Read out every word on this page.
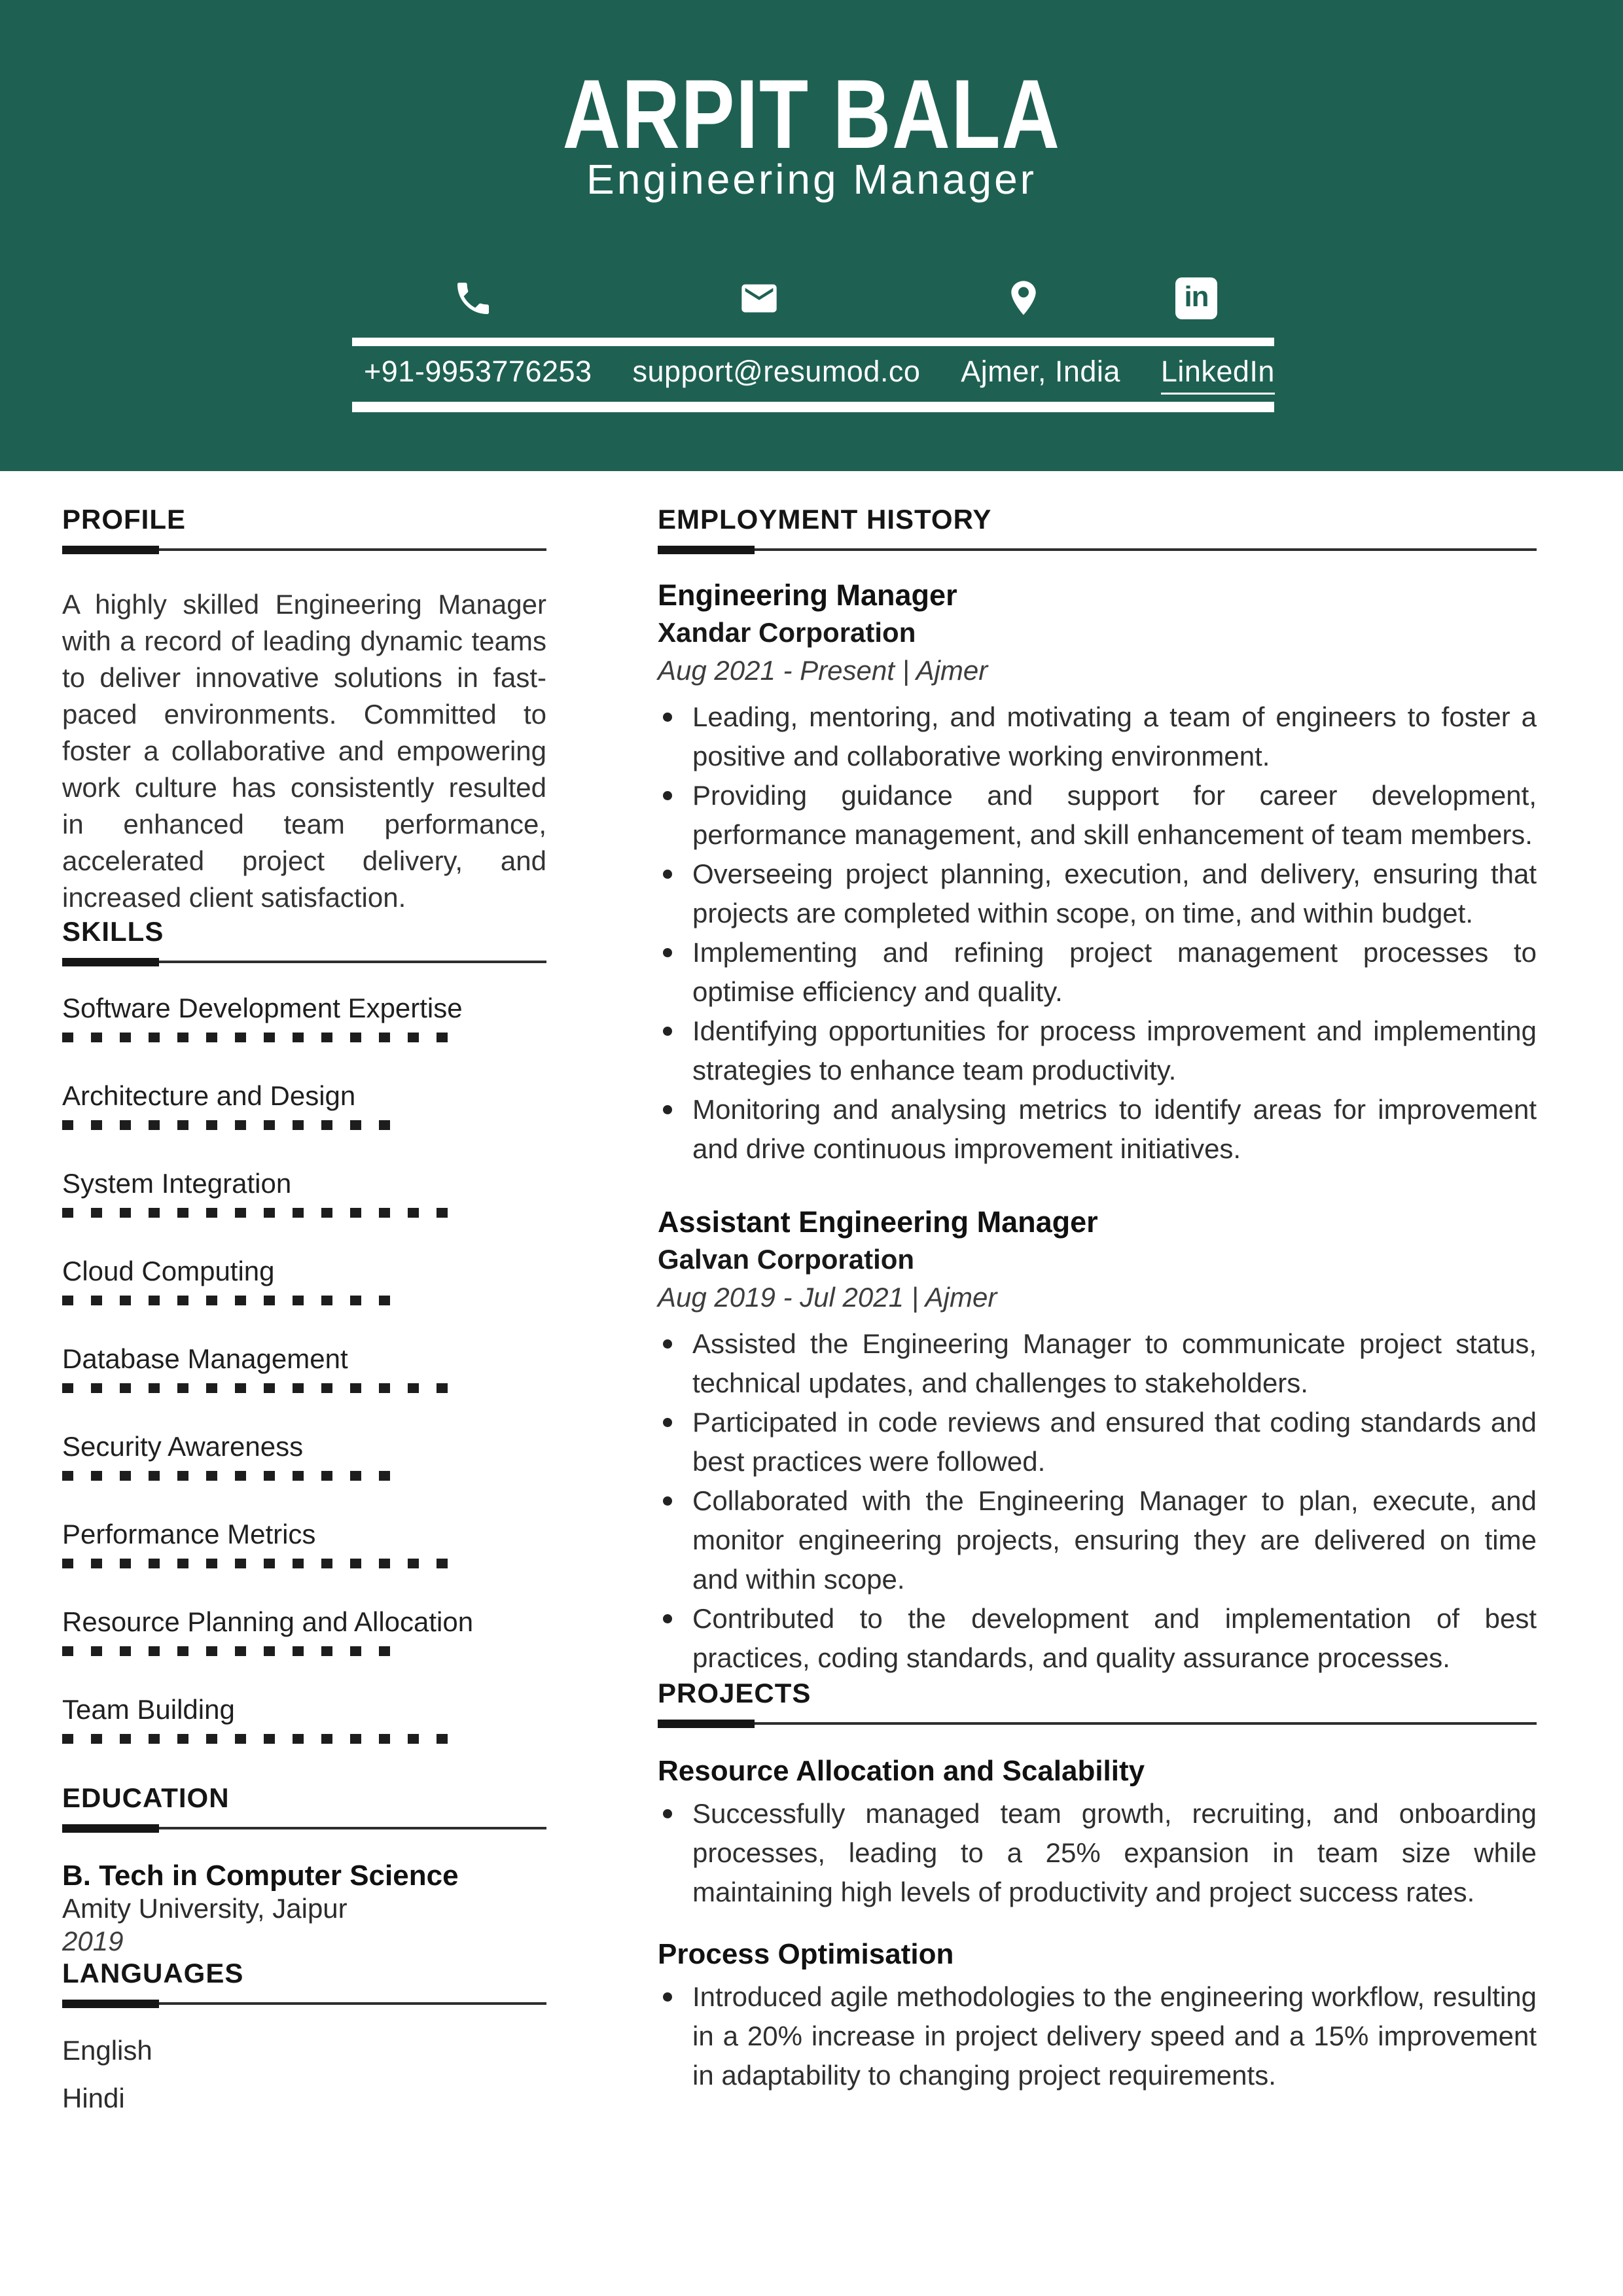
ARPIT BALA
Engineering Manager
in
+91-9953776253 support@resumod.co Ajmer, India LinkedIn
PROFILE

A highly skilled Engineering Manager with a record of leading dynamic teams to deliver innovative solutions in fast-paced environments. Committed to foster a collaborative and empowering work culture has consistently resulted in enhanced team performance, accelerated project delivery, and increased client satisfaction.

SKILLS
Software Development Expertise
Architecture and Design
System Integration
Cloud Computing
Database Management
Security Awareness
Performance Metrics
Resource Planning and Allocation
Team Building
EDUCATION
B. Tech in Computer Science
Amity University, Jaipur
2019
LANGUAGES
English
Hindi
EMPLOYMENT HISTORY
Engineering Manager
Xandar Corporation
Aug 2021 - Present | Ajmer
Leading, mentoring, and motivating a team of engineers to foster a positive and collaborative working environment.
Providing guidance and support for career development, performance management, and skill enhancement of team members.
Overseeing project planning, execution, and delivery, ensuring that projects are completed within scope, on time, and within budget.
Implementing and refining project management processes to optimise efficiency and quality.
Identifying opportunities for process improvement and implementing strategies to enhance team productivity.
Monitoring and analysing metrics to identify areas for improvement and drive continuous improvement initiatives.
Assistant Engineering Manager
Galvan Corporation
Aug 2019 - Jul 2021 | Ajmer
Assisted the Engineering Manager to communicate project status, technical updates, and challenges to stakeholders.
Participated in code reviews and ensured that coding standards and best practices were followed.
Collaborated with the Engineering Manager to plan, execute, and monitor engineering projects, ensuring they are delivered on time and within scope.
Contributed to the development and implementation of best practices, coding standards, and quality assurance processes.
PROJECTS
Resource Allocation and Scalability
Successfully managed team growth, recruiting, and onboarding processes, leading to a 25% expansion in team size while maintaining high levels of productivity and project success rates.
Process Optimisation
Introduced agile methodologies to the engineering workflow, resulting in a 20% increase in project delivery speed and a 15% improvement in adaptability to changing project requirements.
